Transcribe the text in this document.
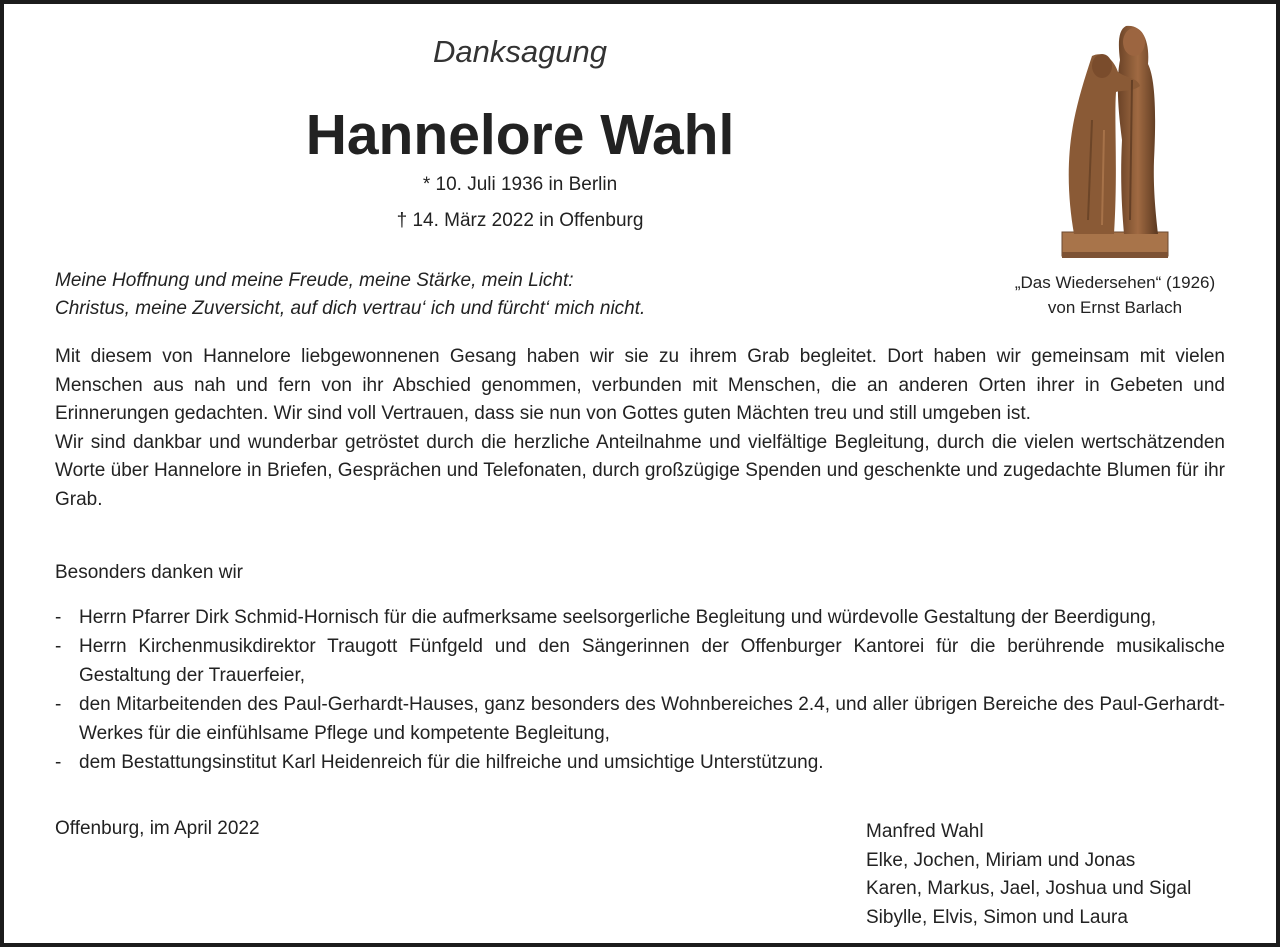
Danksagung
Hannelore Wahl
* 10. Juli 1936 in Berlin
† 14. März 2022 in Offenburg
„Das Wiedersehen“ (1926)
von Ernst Barlach
Meine Hoffnung und meine Freude, meine Stärke, mein Licht:
Christus, meine Zuversicht, auf dich vertrau‘ ich und fürcht‘ mich nicht.

Mit diesem von Hannelore liebgewonnenen Gesang haben wir sie zu ihrem Grab begleitet. Dort haben wir gemeinsam mit vielen Menschen aus nah und fern von ihr Abschied genommen, verbunden mit Menschen, die an anderen Orten ihrer in Gebeten und Erinnerungen gedachten. Wir sind voll Vertrauen, dass sie nun von Gottes guten Mächten treu und still umgeben ist.

Wir sind dankbar und wunderbar getröstet durch die herzliche Anteilnahme und vielfältige Begleitung, durch die vielen wertschätzenden Worte über Hannelore in Briefen, Gesprächen und Telefonaten, durch großzügige Spenden und geschenkte und zugedachte Blumen für ihr Grab.

Besonders danken wir
- Herrn Pfarrer Dirk Schmid-Hornisch für die aufmerksame seelsorgerliche Begleitung und würdevolle Gestaltung der Beerdigung,
- Herrn Kirchenmusikdirektor Traugott Fünfgeld und den Sängerinnen der Offenburger Kantorei für die berührende musikalische Gestaltung der Trauerfeier,
- den Mitarbeitenden des Paul-Gerhardt-Hauses, ganz besonders des Wohnbereiches 2.4, und aller übrigen Bereiche des Paul-Gerhardt-Werkes für die einfühlsame Pflege und kompetente Begleitung,
- dem Bestattungsinstitut Karl Heidenreich für die hilfreiche und umsichtige Unterstützung.
Offenburg, im April 2022	Manfred Wahl
Elke, Jochen, Miriam und Jonas
Karen, Markus, Jael, Joshua und Sigal
Sibylle, Elvis, Simon und Laura
